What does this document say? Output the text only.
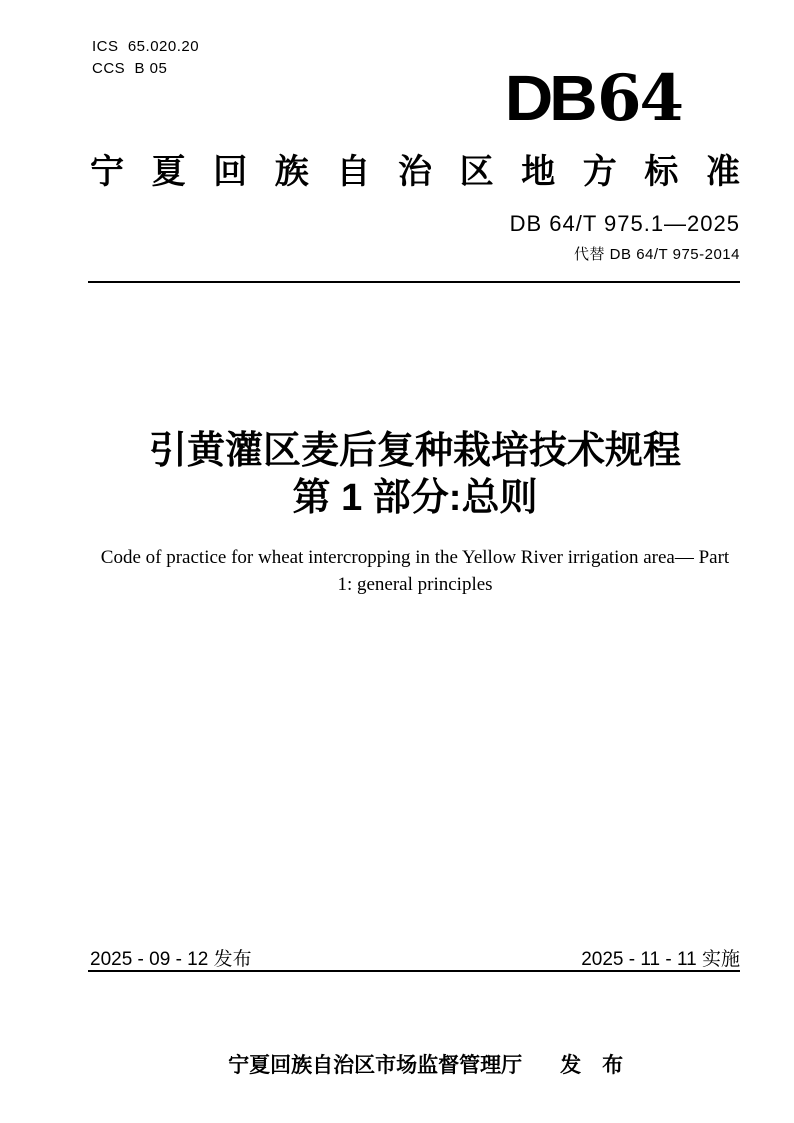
ICS  65.020.20
CCS  B 05	DB 64
宁夏回族自治区地方标准
DB 64/T 975.1—2025
代替 DB 64/T 975-2014
引黄灌区麦后复种栽培技术规程
第 1 部分:总则
Code of practice for wheat intercropping in the Yellow River irrigation area— Part
1: general principles
2025 - 09 - 12 发布	2025 - 11 - 11 实施

宁夏回族自治区市场监督管理厅 发　布
